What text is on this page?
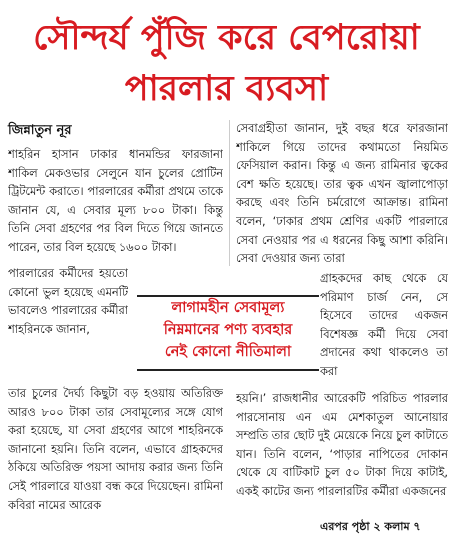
সৌন্দর্য পুঁজি করে বেপরোয়া
পারলার ব্যবসা
জিন্নাতুন নূর

শাহরিন হাসান ঢাকার ধানমন্ডির ফারজানা শাকিল মেকওভার সেলুনে যান চুলের প্রোটিন ট্রিটমেন্ট করাতে। পারলারের কর্মীরা প্রথমে তাকে জানান যে, এ সেবার মূল্য ৮০০ টাকা। কিন্তু তিনি সেবা গ্রহণের পর বিল দিতে গিয়ে জানতে পারেন, তার বিল হয়েছে ১৬০০ টাকা।

পারলারের কর্মীদের হয়তো কোনো ভুল হয়েছে এমনটি ভাবলেও পারলারের কর্মীরা শাহরিনকে জানান,

তার চুলের দৈর্ঘ্য কিছুটা বড় হওয়ায় অতিরিক্ত আরও ৮০০ টাকা তার সেবামূল্যের সঙ্গে যোগ করা হয়েছে, যা সেবা গ্রহণের আগে শাহরিনকে জানানো হয়নি। তিনি বলেন, এভাবে গ্রাহকদের ঠকিয়ে অতিরিক্ত পয়সা আদায় করার জন্য তিনি সেই পারলারে যাওয়া বন্ধ করে দিয়েছেন। রামিনা কবিরা নামের আরেক

সেবাগ্রহীতা জানান, দুই বছর ধরে ফারজানা শাকিলে গিয়ে তাদের কথামতো নিয়মিত ফেসিয়াল করান। কিন্তু এ জন্য রামিনার ত্বকের বেশ ক্ষতি হয়েছে। তার ত্বক এখন জ্বালাপোড়া করছে এবং তিনি চর্মরোগে আক্রান্ত। রামিনা বলেন, ‘ঢাকার প্রথম শ্রেণির একটি পারলারে সেবা নেওয়ার পর এ ধরনের কিছু আশা করিনি। সেবা দেওয়ার জন্য তারা

গ্রাহকদের কাছ থেকে যে পরিমাণ চার্জ নেন, সে হিসেবে তাদের একজন বিশেষজ্ঞ কর্মী দিয়ে সেবা প্রদানের কথা থাকলেও তা করা

হয়নি।’ রাজধানীর আরেকটি পরিচিত পারলার পারসোনায় এন এম মেশকাতুল আনোয়ার সম্প্রতি তার ছোট দুই মেয়েকে নিয়ে চুল কাটাতে যান। তিনি বলেন, ‘পাড়ার নাপিতের দোকান থেকে যে বাটিকাট চুল ৫০ টাকা দিয়ে কাটাই, একই কাটের জন্য পারলারটির কর্মীরা একজনের

লাগামহীন সেবামূল্য
নিম্নমানের পণ্য ব্যবহার
নেই কোনো নীতিমালা
এরপর পৃষ্ঠা ২ কলাম ৭
